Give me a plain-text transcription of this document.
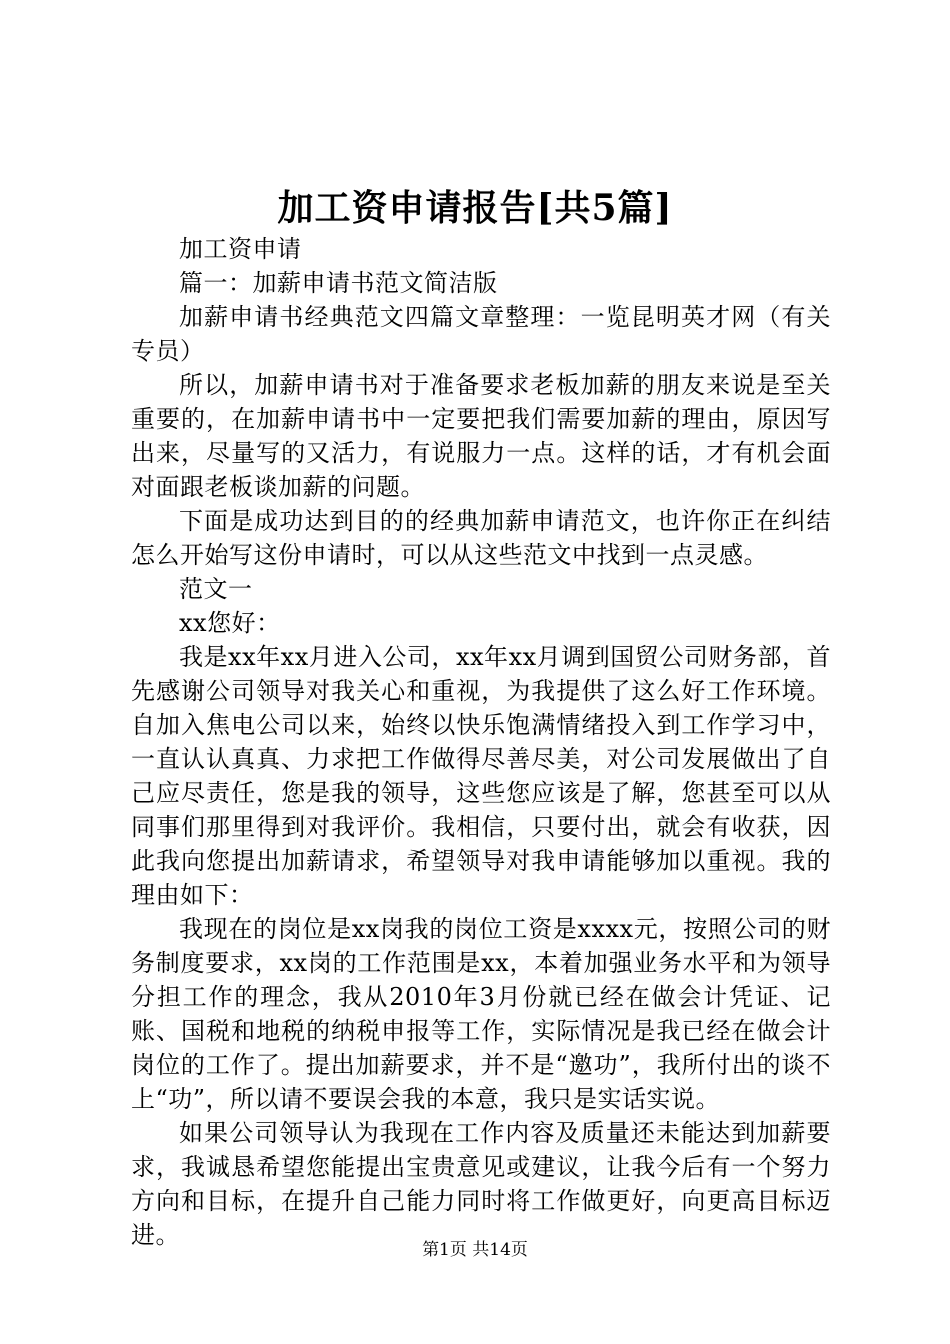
加工资申请报告[共5篇]

加工资申请

篇一：加薪申请书范文简洁版

加薪申请书经典范文四篇文章整理：一览昆明英才网（有关专员）

所以，加薪申请书对于准备要求老板加薪的朋友来说是至关重要的，在加薪申请书中一定要把我们需要加薪的理由，原因写出来，尽量写的又活力，有说服力一点。这样的话，才有机会面对面跟老板谈加薪的问题。

下面是成功达到目的的经典加薪申请范文，也许你正在纠结怎么开始写这份申请时，可以从这些范文中找到一点灵感。

范文一

xx您好：

我是xx年xx月进入公司，xx年xx月调到国贸公司财务部，首先感谢公司领导对我关心和重视，为我提供了这么好工作环境。自加入焦电公司以来，始终以快乐饱满情绪投入到工作学习中，一直认认真真、力求把工作做得尽善尽美，对公司发展做出了自己应尽责任，您是我的领导，这些您应该是了解，您甚至可以从同事们那里得到对我评价。我相信，只要付出，就会有收获，因此我向您提出加薪请求，希望领导对我申请能够加以重视。我的理由如下：

我现在的岗位是xx岗我的岗位工资是xxxx元，按照公司的财务制度要求，xx岗的工作范围是xx，本着加强业务水平和为领导分担工作的理念，我从2010年3月份就已经在做会计凭证、记账、国税和地税的纳税申报等工作，实际情况是我已经在做会计岗位的工作了。提出加薪要求，并不是“邀功”，我所付出的谈不上“功”，所以请不要误会我的本意，我只是实话实说。

如果公司领导认为我现在工作内容及质量还未能达到加薪要求，我诚恳希望您能提出宝贵意见或建议，让我今后有一个努力方向和目标，在提升自己能力同时将工作做更好，向更高目标迈进。

第1页 共14页
